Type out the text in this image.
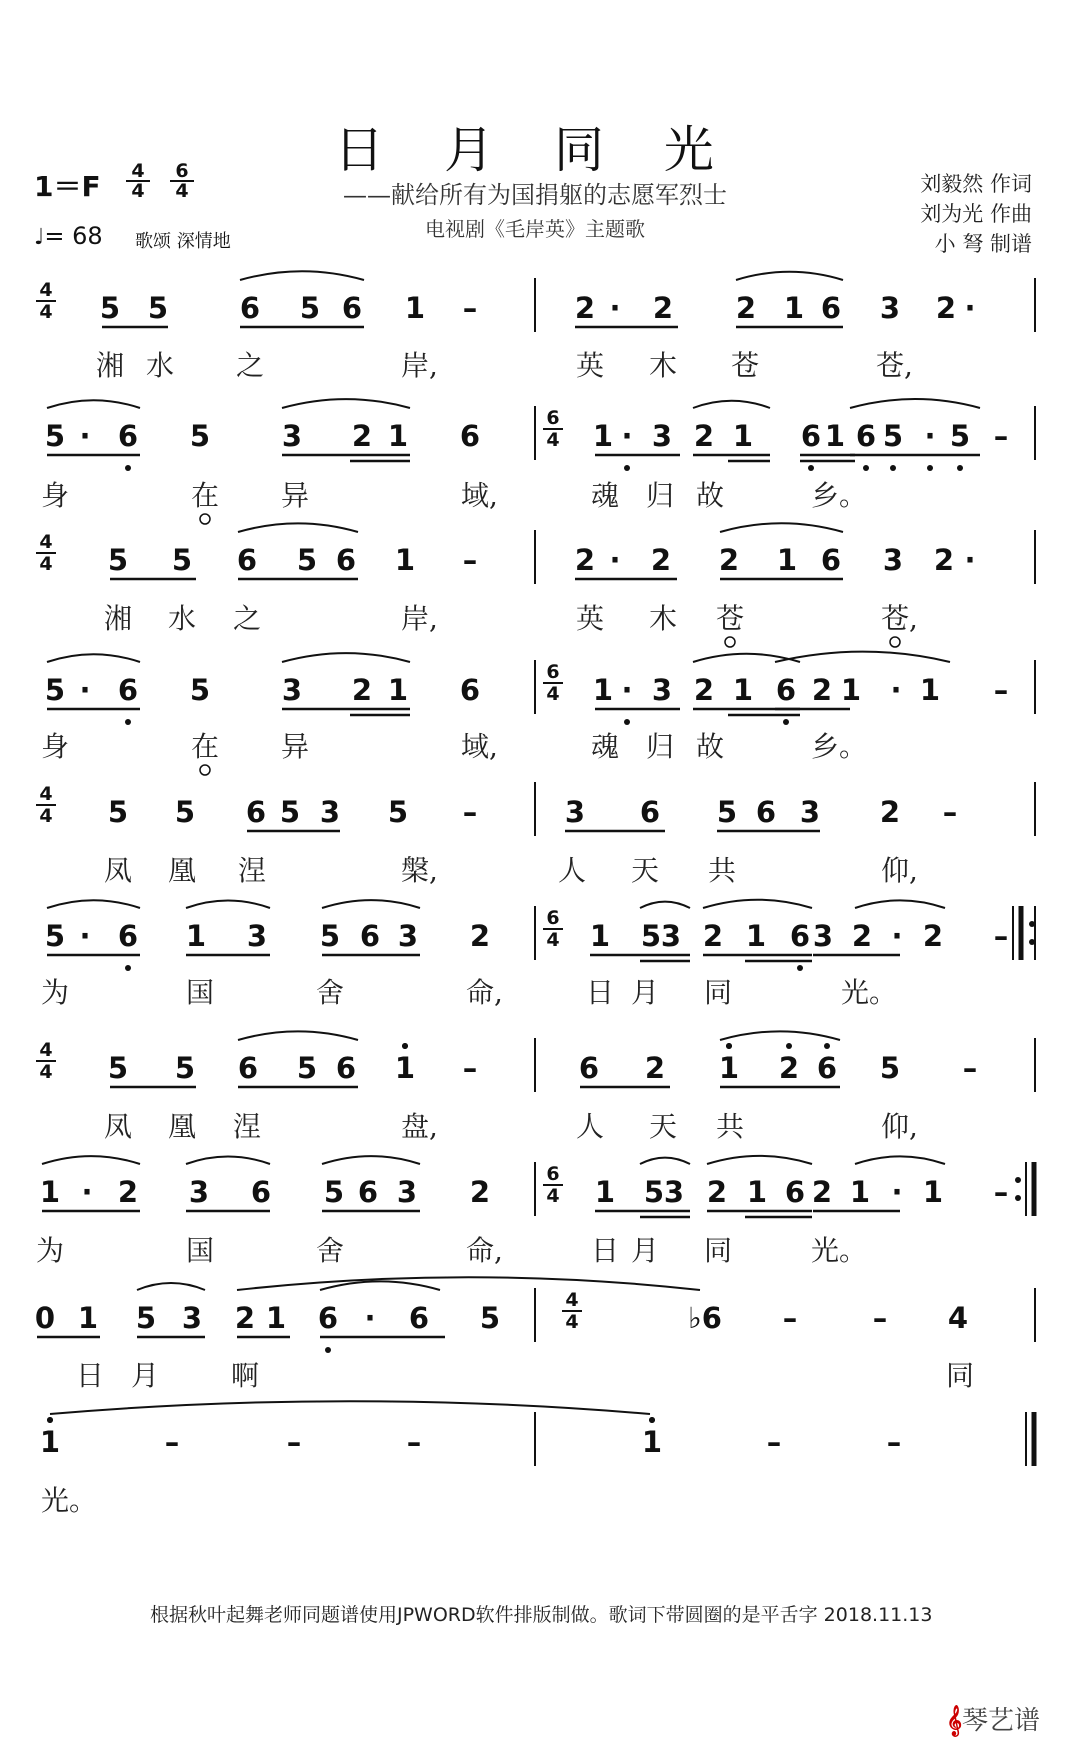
日 月 同 光
——献给所有为国捐躯的志愿军烈士
电视剧《毛岸英》主题歌
刘毅然 作词
刘为光 作曲
小 弩 制谱
$1=F \frac{4}{4} \frac{6}{4}$
♩= 68 歌颂 深情地
4
4 5 5 6 5 6 1 –	2 · 2 2 1 6 3 2 ·
湘 水 之	岸,	英 木 苍	苍,
6
4
5 · 6 5 3 2 1 6	1 · 3 2 1 6 1 6 5 · 5 –
身	在 异	域,	魂 归 故	乡。
4
4 5 5 6 5 6 1 –	2 · 2 2 1 6 3 2 ·
湘 水 之	岸,	英 木 苍	苍,
6
4
5 · 6 5 3 2 1 6	1 · 3 2 1 6 2 1 · 1 –
身	在 异	域,	魂 归 故	乡。
4
4 5 5 6 5 3 5 –	3 6 5 6 3 2 –
凤 凰 涅	槃,	人 天 共	仰,
6
4
5 · 6 1 3 5 6 3 2	1 5 3 2 1 6 3 2 · 2 –
为	国	舍	命,	日 月 同	光。
4
4 5 5 6 5 6 1 –	6 2 1 2 6 5 –
凤 凰 涅	盘,	人 天 共	仰,
6
4
1 · 2 3 6 5 6 3 2	1 5 3 2 1 6 2 1 · 1 –
为	国	舍	命,	日 月 同	光。
4
4
0 1 5 3 2 1 6 · 6 5	♭6 –	– 4
日 月	啊	同
1	–	–	–	1	–	–
光。
根据秋叶起舞老师同题谱使用JPWORD软件排版制做。歌词下带圆圈的是平舌字 2018.11.13
𝄞琴艺谱
